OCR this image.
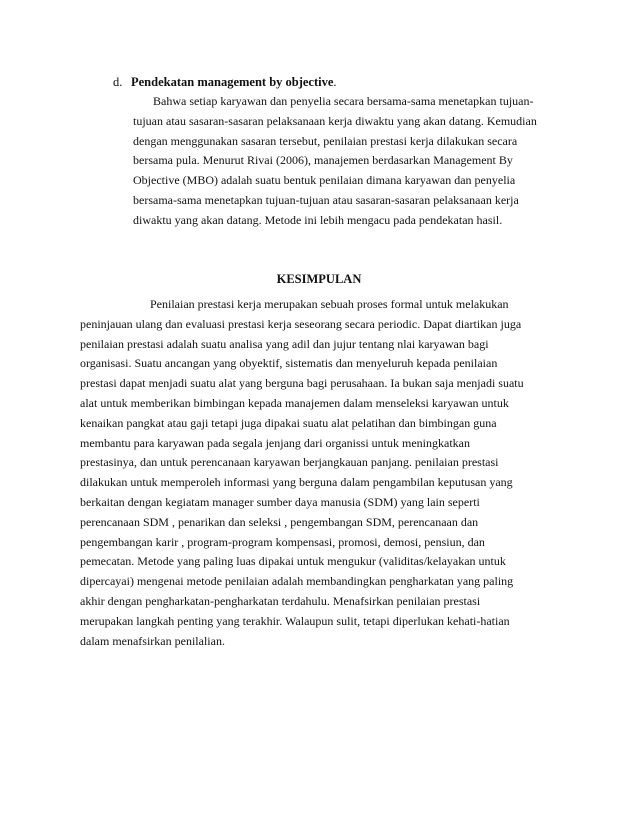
d. Pendekatan management by objective.
Bahwa setiap karyawan dan penyelia secara bersama-sama menetapkan tujuan-
tujuan atau sasaran-sasaran pelaksanaan kerja diwaktu yang akan datang. Kemudian
dengan menggunakan sasaran tersebut, penilaian prestasi kerja dilakukan secara
bersama pula. Menurut Rivai (2006), manajemen berdasarkan Management By
Objective (MBO) adalah suatu bentuk penilaian dimana karyawan dan penyelia
bersama-sama menetapkan tujuan-tujuan atau sasaran-sasaran pelaksanaan kerja
diwaktu yang akan datang. Metode ini lebih mengacu pada pendekatan hasil.
KESIMPULAN
Penilaian prestasi kerja merupakan sebuah proses formal untuk melakukan
peninjauan ulang dan evaluasi prestasi kerja seseorang secara periodic. Dapat diartikan juga
penilaian prestasi adalah suatu analisa yang adil dan jujur tentang nlai karyawan bagi
organisasi. Suatu ancangan yang obyektif, sistematis dan menyeluruh kepada penilaian
prestasi dapat menjadi suatu alat yang berguna bagi perusahaan. Ia bukan saja menjadi suatu
alat untuk memberikan bimbingan kepada manajemen dalam menseleksi karyawan untuk
kenaikan pangkat atau gaji tetapi juga dipakai suatu alat pelatihan dan bimbingan guna
membantu para karyawan pada segala jenjang dari organissi untuk meningkatkan
prestasinya, dan untuk perencanaan karyawan berjangkauan panjang. penilaian prestasi
dilakukan untuk memperoleh informasi yang berguna dalam pengambilan keputusan yang
berkaitan dengan kegiatam manager sumber daya manusia (SDM) yang lain seperti
perencanaan SDM , penarikan dan seleksi , pengembangan SDM, perencanaan dan
pengembangan karir , program-program kompensasi, promosi, demosi, pensiun, dan
pemecatan. Metode yang paling luas dipakai untuk mengukur (validitas/kelayakan untuk
dipercayai) mengenai metode penilaian adalah membandingkan pengharkatan yang paling
akhir dengan pengharkatan-pengharkatan terdahulu. Menafsirkan penilaian prestasi
merupakan langkah penting yang terakhir. Walaupun sulit, tetapi diperlukan kehati-hatian
dalam menafsirkan penilalian.
